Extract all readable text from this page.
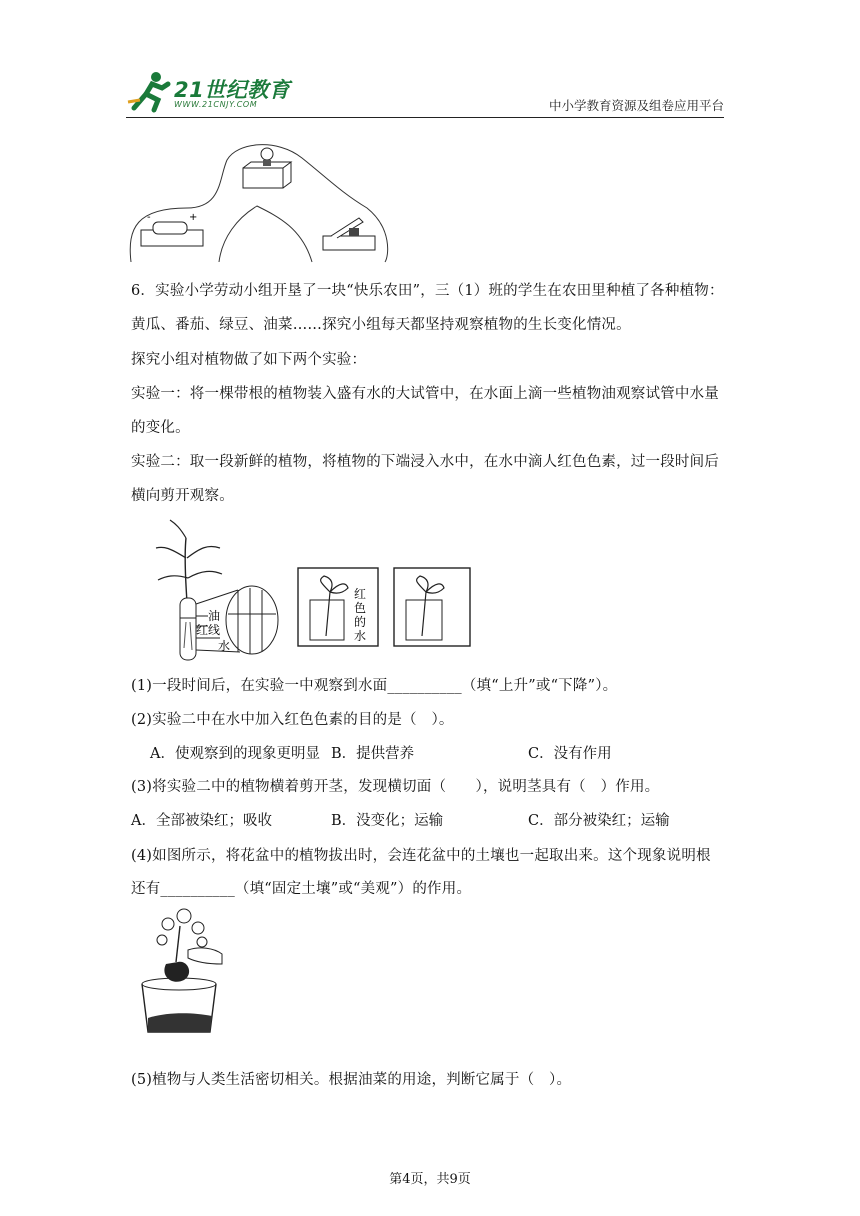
21世纪教育
WWW.21CNJY.COM	中小学教育资源及组卷应用平台
-	+
6．实验小学劳动小组开垦了一块“快乐农田”，三（1）班的学生在农田里种植了各种植物：
黄瓜、番茄、绿豆、油菜……探究小组每天都坚持观察植物的生长变化情况。
探究小组对植物做了如下两个实验：
实验一：将一棵带根的植物装入盛有水的大试管中，在水面上滴一些植物油观察试管中水量
的变化。
实验二：取一段新鲜的植物，将植物的下端浸入水中，在水中滴人红色色素，过一段时间后
横向剪开观察。
油
红线
水
红色的水
(1)一段时间后，在实验一中观察到水面__________（填“上升”或“下降”）。
(2)实验二中在水中加入红色色素的目的是（　）。
A．使观察到的现象更明显 B．提供营养	C．没有作用
(3)将实验二中的植物横着剪开茎，发现横切面（　　），说明茎具有（　）作用。
A．全部被染红；吸收	B．没变化；运输	C．部分被染红；运输
(4)如图所示，将花盆中的植物拔出时，会连花盆中的土壤也一起取出来。这个现象说明根
还有__________（填“固定土壤”或“美观”）的作用。
(5)植物与人类生活密切相关。根据油菜的用途，判断它属于（　）。
第4页，共9页
